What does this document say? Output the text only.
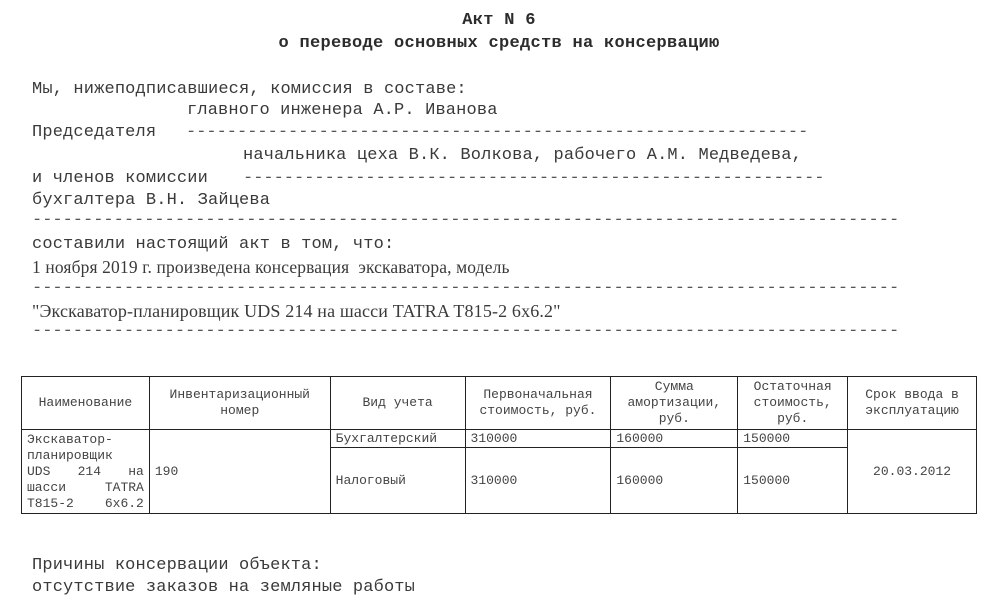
Акт N 6
о переводе основных средств на консервацию
Мы, нижеподписавшиеся, комиссия в составе:
главного инженера А.Р. Иванова
Председателя -------------------------------------------------------------
начальника цеха В.К. Волкова, рабочего А.М. Медведева,
и членов комиссии ---------------------------------------------------------
бухгалтера В.Н. Зайцева
-------------------------------------------------------------------------------------
составили настоящий акт в том, что:
1 ноября 2019 г. произведена консервация  экскаватора, модель
-------------------------------------------------------------------------------------
"Экскаватор-планировщик UDS 214 на шасси TATRA T815-2 6х6.2"
-------------------------------------------------------------------------------------
Наименование	Инвентаризационный номер	Вид учета	Первоначальная стоимость, руб.	Сумма амортизации, руб.	Остаточная стоимость, руб.	Срок ввода в эксплуатацию
Экскаватор-планировщик UDS 214 на шасси TATRA T815-2 6х6.2	190	Бухгалтерский	310000	160000	150000	20.03.2012
		Налоговый	310000	160000	150000	
Причины консервации объекта:
отсутствие заказов на земляные работы
